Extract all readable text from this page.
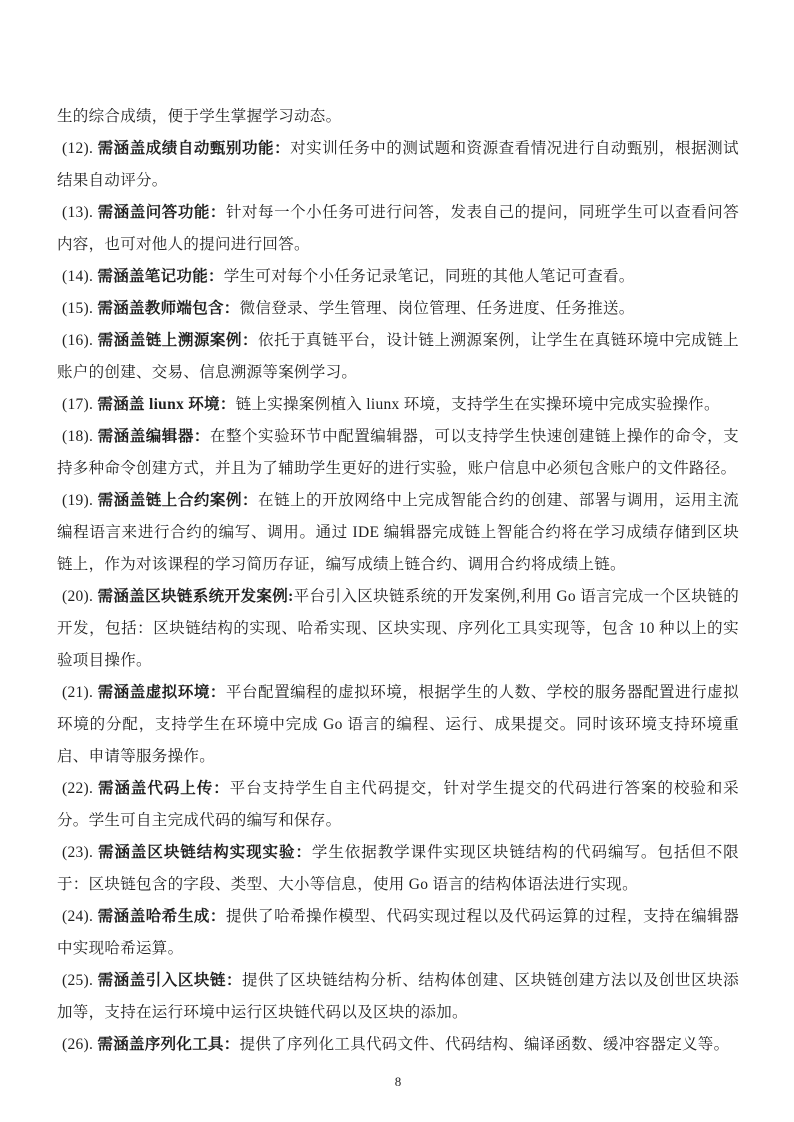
生的综合成绩，便于学生掌握学习动态。

(12). 需涵盖成绩自动甄别功能：对实训任务中的测试题和资源查看情况进行自动甄别，根据测试结果自动评分。

(13). 需涵盖问答功能：针对每一个小任务可进行问答，发表自己的提问，同班学生可以查看问答内容，也可对他人的提问进行回答。

(14). 需涵盖笔记功能：学生可对每个小任务记录笔记，同班的其他人笔记可查看。

(15). 需涵盖教师端包含：微信登录、学生管理、岗位管理、任务进度、任务推送。

(16). 需涵盖链上溯源案例：依托于真链平台，设计链上溯源案例，让学生在真链环境中完成链上账户的创建、交易、信息溯源等案例学习。

(17). 需涵盖 liunx 环境：链上实操案例植入 liunx 环境，支持学生在实操环境中完成实验操作。

(18). 需涵盖编辑器：在整个实验环节中配置编辑器，可以支持学生快速创建链上操作的命令，支持多种命令创建方式，并且为了辅助学生更好的进行实验，账户信息中必须包含账户的文件路径。

(19). 需涵盖链上合约案例：在链上的开放网络中上完成智能合约的创建、部署与调用，运用主流编程语言来进行合约的编写、调用。通过 IDE 编辑器完成链上智能合约将在学习成绩存储到区块链上，作为对该课程的学习简历存证，编写成绩上链合约、调用合约将成绩上链。

(20). 需涵盖区块链系统开发案例:平台引入区块链系统的开发案例,利用 Go 语言完成一个区块链的开发，包括：区块链结构的实现、哈希实现、区块实现、序列化工具实现等，包含 10 种以上的实验项目操作。

(21). 需涵盖虚拟环境：平台配置编程的虚拟环境，根据学生的人数、学校的服务器配置进行虚拟环境的分配，支持学生在环境中完成 Go 语言的编程、运行、成果提交。同时该环境支持环境重启、申请等服务操作。

(22). 需涵盖代码上传：平台支持学生自主代码提交，针对学生提交的代码进行答案的校验和采分。学生可自主完成代码的编写和保存。

(23). 需涵盖区块链结构实现实验：学生依据教学课件实现区块链结构的代码编写。包括但不限于：区块链包含的字段、类型、大小等信息，使用 Go 语言的结构体语法进行实现。

(24). 需涵盖哈希生成：提供了哈希操作模型、代码实现过程以及代码运算的过程，支持在编辑器中实现哈希运算。

(25). 需涵盖引入区块链：提供了区块链结构分析、结构体创建、区块链创建方法以及创世区块添加等，支持在运行环境中运行区块链代码以及区块的添加。

(26). 需涵盖序列化工具：提供了序列化工具代码文件、代码结构、编译函数、缓冲容器定义等。

8
